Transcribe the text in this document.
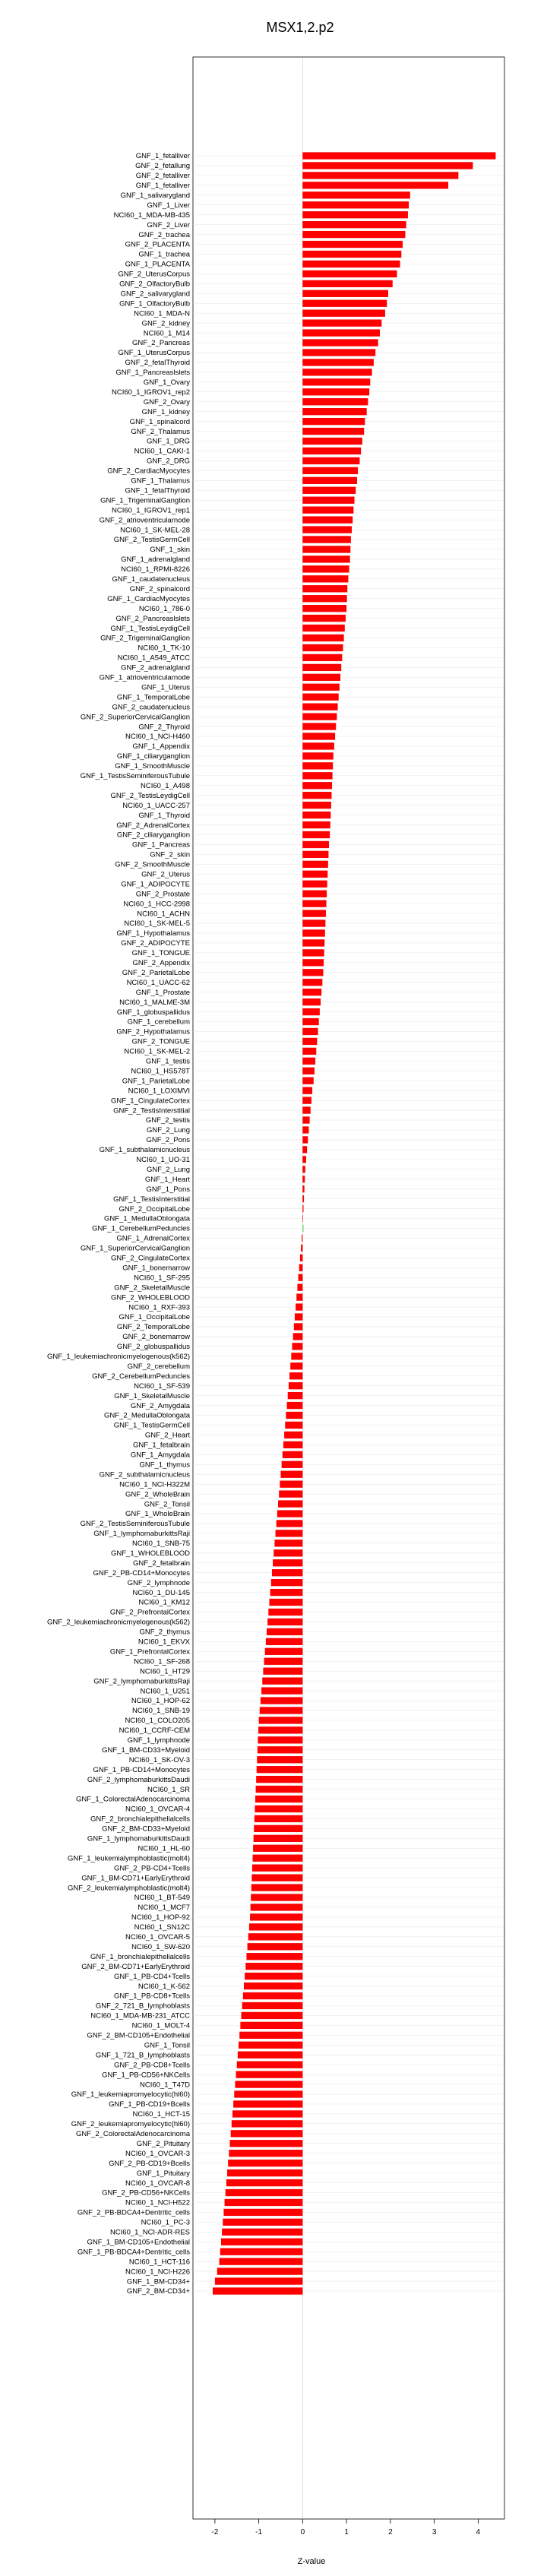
MSX1,2.p2
GNF_1_fetalliver
GNF_2_fetallung
GNF_2_fetalliver
GNF_1_fetalliver
GNF_1_salivarygland
GNF_1_Liver
NCI60_1_MDA-MB-435
GNF_2_Liver
GNF_2_trachea
GNF_2_PLACENTA
GNF_1_trachea
GNF_1_PLACENTA
GNF_2_UterusCorpus
GNF_2_OlfactoryBulb
GNF_2_salivarygland
GNF_1_OlfactoryBulb
NCI60_1_MDA-N
GNF_2_kidney
NCI60_1_M14
GNF_2_Pancreas
GNF_1_UterusCorpus
GNF_2_fetalThyroid
GNF_1_Pancreaslslets
GNF_1_Ovary
NCI60_1_IGROV1_rep2
GNF_2_Ovary
GNF_1_kidney
GNF_1_spinalcord
GNF_2_Thalamus
GNF_1_DRG
NCI60_1_CAKI-1
GNF_2_DRG
GNF_2_CardiacMyocytes
GNF_1_Thalamus
GNF_1_fetalThyroid
GNF_1_TrigeminalGanglion
NCI60_1_IGROV1_rep1
GNF_2_atrioventricularnode
NCI60_1_SK-MEL-28
GNF_2_TestisGermCell
GNF_1_skin
GNF_1_adrenalgland
NCI60_1_RPMI-8226
GNF_1_caudatenucleus
GNF_2_spinalcord
GNF_1_CardiacMyocytes
NCI60_1_786-0
GNF_2_Pancreaslslets
GNF_1_TestisLeydigCell
GNF_2_TrigeminalGanglion
NCI60_1_TK-10
NCI60_1_A549_ATCC
GNF_2_adrenalgland
GNF_1_atrioventricularnode
GNF_1_Uterus
GNF_1_TemporalLobe
GNF_2_caudatenucleus
GNF_2_SuperiorCervicalGanglion
GNF_2_Thyroid
NCI60_1_NCI-H460
GNF_1_Appendix
GNF_1_ciliaryganglion
GNF_1_SmoothMuscle
GNF_1_TestisSeminiferousTubule
NCI60_1_A498
GNF_2_TestisLeydigCell
NCI60_1_UACC-257
GNF_1_Thyroid
GNF_2_AdrenalCortex
GNF_2_ciliaryganglion
GNF_1_Pancreas
GNF_2_skin
GNF_2_SmoothMuscle
GNF_2_Uterus
GNF_1_ADIPOCYTE
GNF_2_Prostate
NCI60_1_HCC-2998
NCI60_1_ACHN
NCI60_1_SK-MEL-5
GNF_1_Hypothalamus
GNF_2_ADIPOCYTE
GNF_1_TONGUE
GNF_2_Appendix
GNF_2_ParietalLobe
NCI60_1_UACC-62
GNF_1_Prostate
NCI60_1_MALME-3M
GNF_1_globuspallidus
GNF_1_cerebellum
GNF_2_Hypothalamus
GNF_2_TONGUE
NCI60_1_SK-MEL-2
GNF_1_testis
NCI60_1_HS578T
GNF_1_ParietalLobe
NCI60_1_LOXIMVI
GNF_1_CingulateCortex
GNF_2_TestisInterstitial
GNF_2_testis
GNF_2_Lung
GNF_2_Pons
GNF_1_subthalamicnucleus
NCI60_1_UO-31
GNF_2_Lung
GNF_1_Heart
GNF_1_Pons
GNF_1_TestisInterstitial
GNF_2_OccipitalLobe
GNF_1_MedullaOblongata
GNF_1_CerebellumPeduncles
GNF_1_AdrenalCortex
GNF_1_SuperiorCervicalGanglion
GNF_2_CingulateCortex
GNF_1_bonemarrow
NCI60_1_SF-295
GNF_2_SkeletalMuscle
GNF_2_WHOLEBLOOD
NCI60_1_RXF-393
GNF_1_OccipitalLobe
GNF_2_TemporalLobe
GNF_2_bonemarrow
GNF_2_globuspallidus
GNF_1_leukemiachronicmyelogenous(k562)
GNF_2_cerebellum
GNF_2_CerebellumPeduncles
NCI60_1_SF-539
GNF_1_SkeletalMuscle
GNF_2_Amygdala
GNF_2_MedullaOblongata
GNF_1_TestisGermCell
GNF_2_Heart
GNF_1_fetalbrain
GNF_1_Amygdala
GNF_1_thymus
GNF_2_subthalamicnucleus
NCI60_1_NCI-H322M
GNF_2_WholeBrain
GNF_2_Tonsil
GNF_1_WholeBrain
GNF_2_TestisSeminiferousTubule
GNF_1_lymphomaburkittsRaji
NCI60_1_SNB-75
GNF_1_WHOLEBLOOD
GNF_2_fetalbrain
GNF_2_PB-CD14+Monocytes
GNF_2_lymphnode
NCI60_1_DU-145
NCI60_1_KM12
GNF_2_PrefrontalCortex
GNF_2_leukemiachronicmyelogenous(k562)
GNF_2_thymus
NCI60_1_EKVX
GNF_1_PrefrontalCortex
NCI60_1_SF-268
NCI60_1_HT29
GNF_2_lymphomaburkittsRaji
NCI60_1_U251
NCI60_1_HOP-62
NCI60_1_SNB-19
NCI60_1_COLO205
NCI60_1_CCRF-CEM
GNF_1_lymphnode
GNF_1_BM-CD33+Myeloid
NCI60_1_SK-OV-3
GNF_1_PB-CD14+Monocytes
GNF_2_lymphomaburkittsDaudi
NCI60_1_SR
GNF_1_ColorectalAdenocarcinoma
NCI60_1_OVCAR-4
GNF_2_bronchialepithelialcells
GNF_2_BM-CD33+Myeloid
GNF_1_lymphomaburkittsDaudi
NCI60_1_HL-60
GNF_1_leukemialymphoblastic(molt4)
GNF_2_PB-CD4+Tcells
GNF_1_BM-CD71+EarlyErythroid
GNF_2_leukemialymphoblastic(molt4)
NCI60_1_BT-549
NCI60_1_MCF7
NCI60_1_HOP-92
NCI60_1_SN12C
NCI60_1_OVCAR-5
NCI60_1_SW-620
GNF_1_bronchialepithelialcells
GNF_2_BM-CD71+EarlyErythroid
GNF_1_PB-CD4+Tcells
NCI60_1_K-562
GNF_1_PB-CD8+Tcells
GNF_2_721_B_lymphoblasts
NCI60_1_MDA-MB-231_ATCC
NCI60_1_MOLT-4
GNF_2_BM-CD105+Endothelial
GNF_1_Tonsil
GNF_1_721_B_lymphoblasts
GNF_2_PB-CD8+Tcells
GNF_1_PB-CD56+NKCells
NCI60_1_T47D
GNF_1_leukemiapromyelocytic(hl60)
GNF_1_PB-CD19+Bcells
NCI60_1_HCT-15
GNF_2_leukemiapromyelocytic(hl60)
GNF_2_ColorectalAdenocarcinoma
GNF_2_Pituitary
NCI60_1_OVCAR-3
GNF_2_PB-CD19+Bcells
GNF_1_Pituitary
NCI60_1_OVCAR-8
GNF_2_PB-CD56+NKCells
NCI60_1_NCI-H522
GNF_2_PB-BDCA4+Dentritic_cells
NCI60_1_PC-3
NCI60_1_NCI-ADR-RES
GNF_1_BM-CD105+Endothelial
GNF_1_PB-BDCA4+Dentritic_cells
NCI60_1_HCT-116
NCI60_1_NCI-H226
GNF_1_BM-CD34+
GNF_2_BM-CD34+
-2	-1	0	1	2	3	4
Z-value
